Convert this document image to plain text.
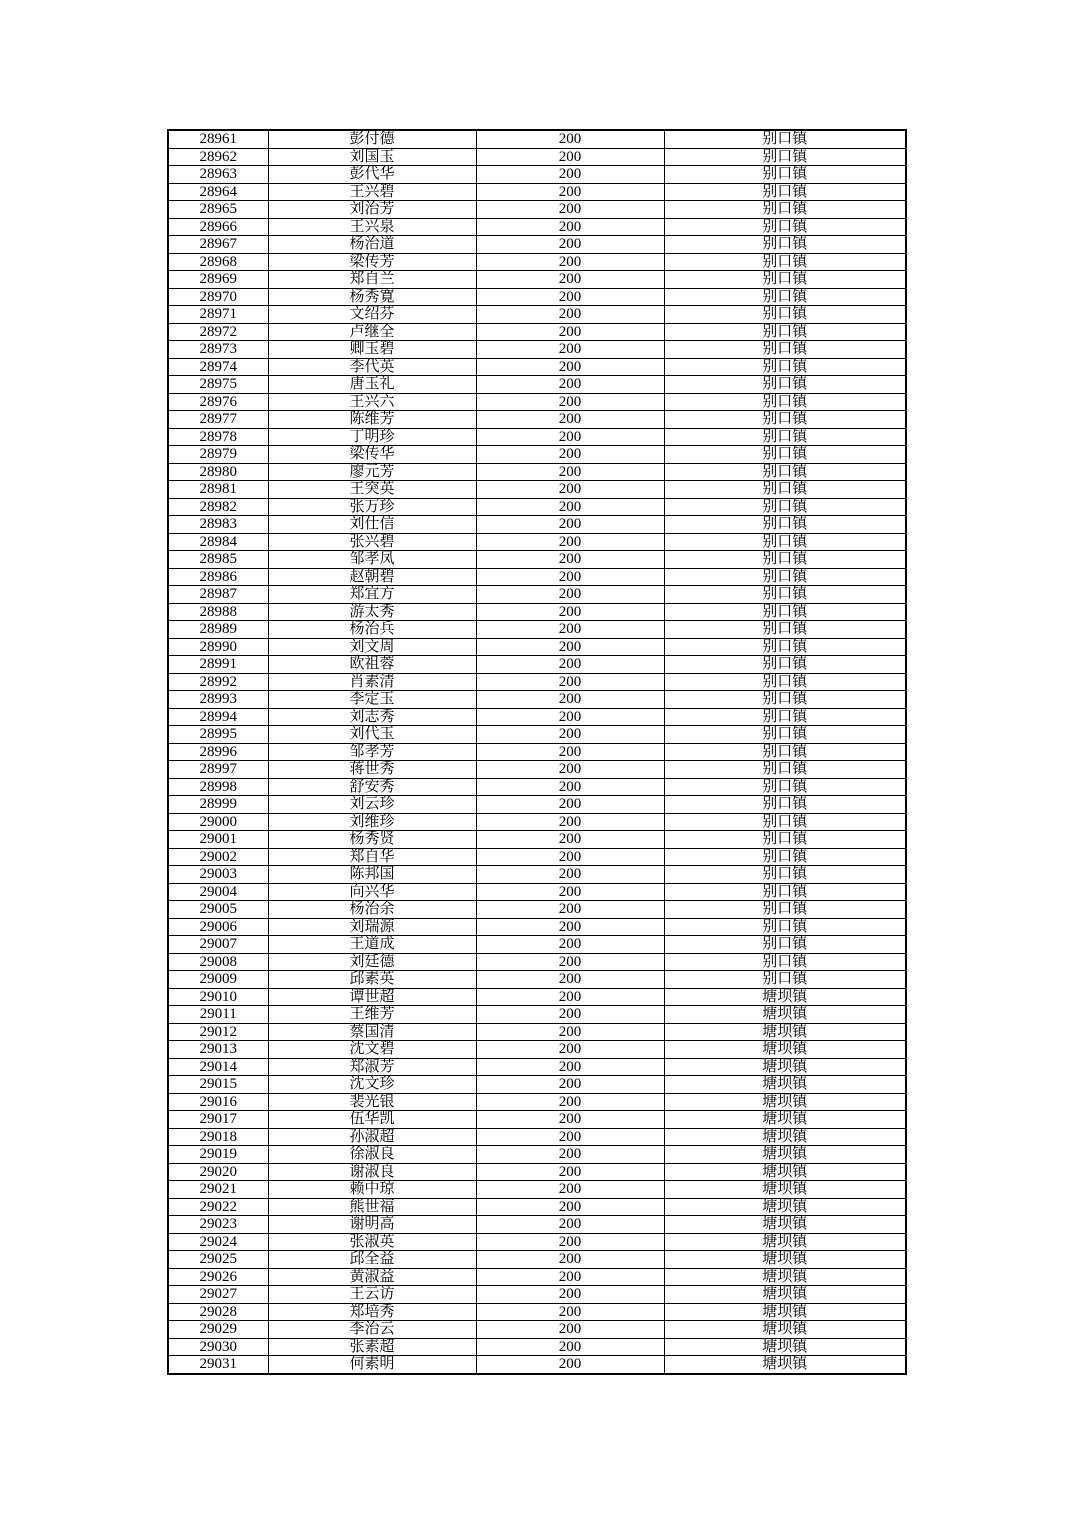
28961	彭付德	200	别口镇
28962	刘国玉	200	别口镇
28963	彭代华	200	别口镇
28964	王兴碧	200	别口镇
28965	刘治芳	200	别口镇
28966	王兴泉	200	别口镇
28967	杨治道	200	别口镇
28968	梁传芳	200	别口镇
28969	郑自兰	200	别口镇
28970	杨秀寛	200	别口镇
28971	文绍芬	200	别口镇
28972	卢继全	200	别口镇
28973	卿玉碧	200	别口镇
28974	李代英	200	别口镇
28975	唐玉礼	200	别口镇
28976	王兴六	200	别口镇
28977	陈维芳	200	别口镇
28978	丁明珍	200	别口镇
28979	梁传华	200	别口镇
28980	廖元芳	200	别口镇
28981	王突英	200	别口镇
28982	张万珍	200	别口镇
28983	刘仕信	200	别口镇
28984	张兴碧	200	别口镇
28985	邹孝凤	200	别口镇
28986	赵朝碧	200	别口镇
28987	郑宜方	200	别口镇
28988	游太秀	200	别口镇
28989	杨治兵	200	别口镇
28990	刘文周	200	别口镇
28991	欧祖蓉	200	别口镇
28992	肖素清	200	别口镇
28993	李定玉	200	别口镇
28994	刘志秀	200	别口镇
28995	刘代玉	200	别口镇
28996	邹孝芳	200	别口镇
28997	蒋世秀	200	别口镇
28998	舒安秀	200	别口镇
28999	刘云珍	200	别口镇
29000	刘维珍	200	别口镇
29001	杨秀贤	200	别口镇
29002	郑自华	200	别口镇
29003	陈邦国	200	别口镇
29004	向兴华	200	别口镇
29005	杨治余	200	别口镇
29006	刘瑞源	200	别口镇
29007	王道成	200	别口镇
29008	刘廷德	200	别口镇
29009	邱素英	200	别口镇
29010	谭世超	200	塘坝镇
29011	王维芳	200	塘坝镇
29012	蔡国清	200	塘坝镇
29013	沈文碧	200	塘坝镇
29014	郑淑芳	200	塘坝镇
29015	沈文珍	200	塘坝镇
29016	裴光银	200	塘坝镇
29017	伍华凯	200	塘坝镇
29018	孙淑超	200	塘坝镇
29019	徐淑良	200	塘坝镇
29020	谢淑良	200	塘坝镇
29021	赖中琼	200	塘坝镇
29022	熊世福	200	塘坝镇
29023	谢明高	200	塘坝镇
29024	张淑英	200	塘坝镇
29025	邱全益	200	塘坝镇
29026	黄淑益	200	塘坝镇
29027	王云访	200	塘坝镇
29028	郑培秀	200	塘坝镇
29029	李治云	200	塘坝镇
29030	张素超	200	塘坝镇
29031	何素明	200	塘坝镇
